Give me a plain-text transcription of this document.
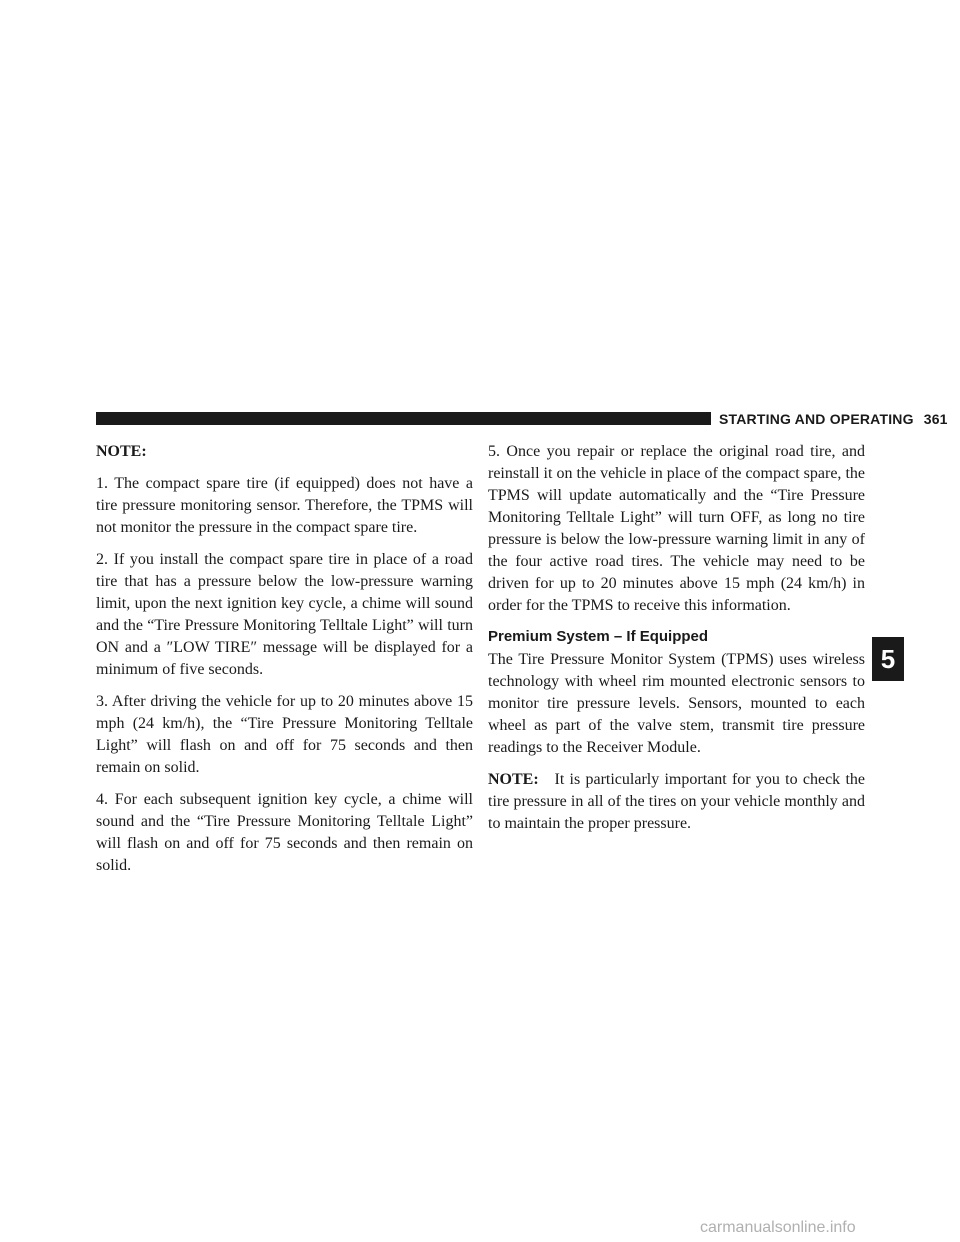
STARTING AND OPERATING 361

NOTE:

1. The compact spare tire (if equipped) does not have a tire pressure monitoring sensor. Therefore, the TPMS will not monitor the pressure in the compact spare tire.

2. If you install the compact spare tire in place of a road tire that has a pressure below the low-pressure warning limit, upon the next ignition key cycle, a chime will sound and the “Tire Pressure Monitoring Telltale Light” will turn ON and a ″LOW TIRE″ message will be displayed for a minimum of five seconds.

3. After driving the vehicle for up to 20 minutes above 15 mph (24 km/h), the “Tire Pressure Monitoring Telltale Light” will flash on and off for 75 seconds and then remain on solid.

4. For each subsequent ignition key cycle, a chime will sound and the “Tire Pressure Monitoring Telltale Light” will flash on and off for 75 seconds and then remain on solid.

5. Once you repair or replace the original road tire, and reinstall it on the vehicle in place of the compact spare, the TPMS will update automatically and the “Tire Pressure Monitoring Telltale Light” will turn OFF, as long no tire pressure is below the low-pressure warning limit in any of the four active road tires. The vehicle may need to be driven for up to 20 minutes above 15 mph (24 km/h) in order for the TPMS to receive this information.

Premium System – If Equipped

The Tire Pressure Monitor System (TPMS) uses wireless technology with wheel rim mounted electronic sensors to monitor tire pressure levels. Sensors, mounted to each wheel as part of the valve stem, transmit tire pressure readings to the Receiver Module.

NOTE: It is particularly important for you to check the tire pressure in all of the tires on your vehicle monthly and to maintain the proper pressure.

5
carmanualsonline.info
